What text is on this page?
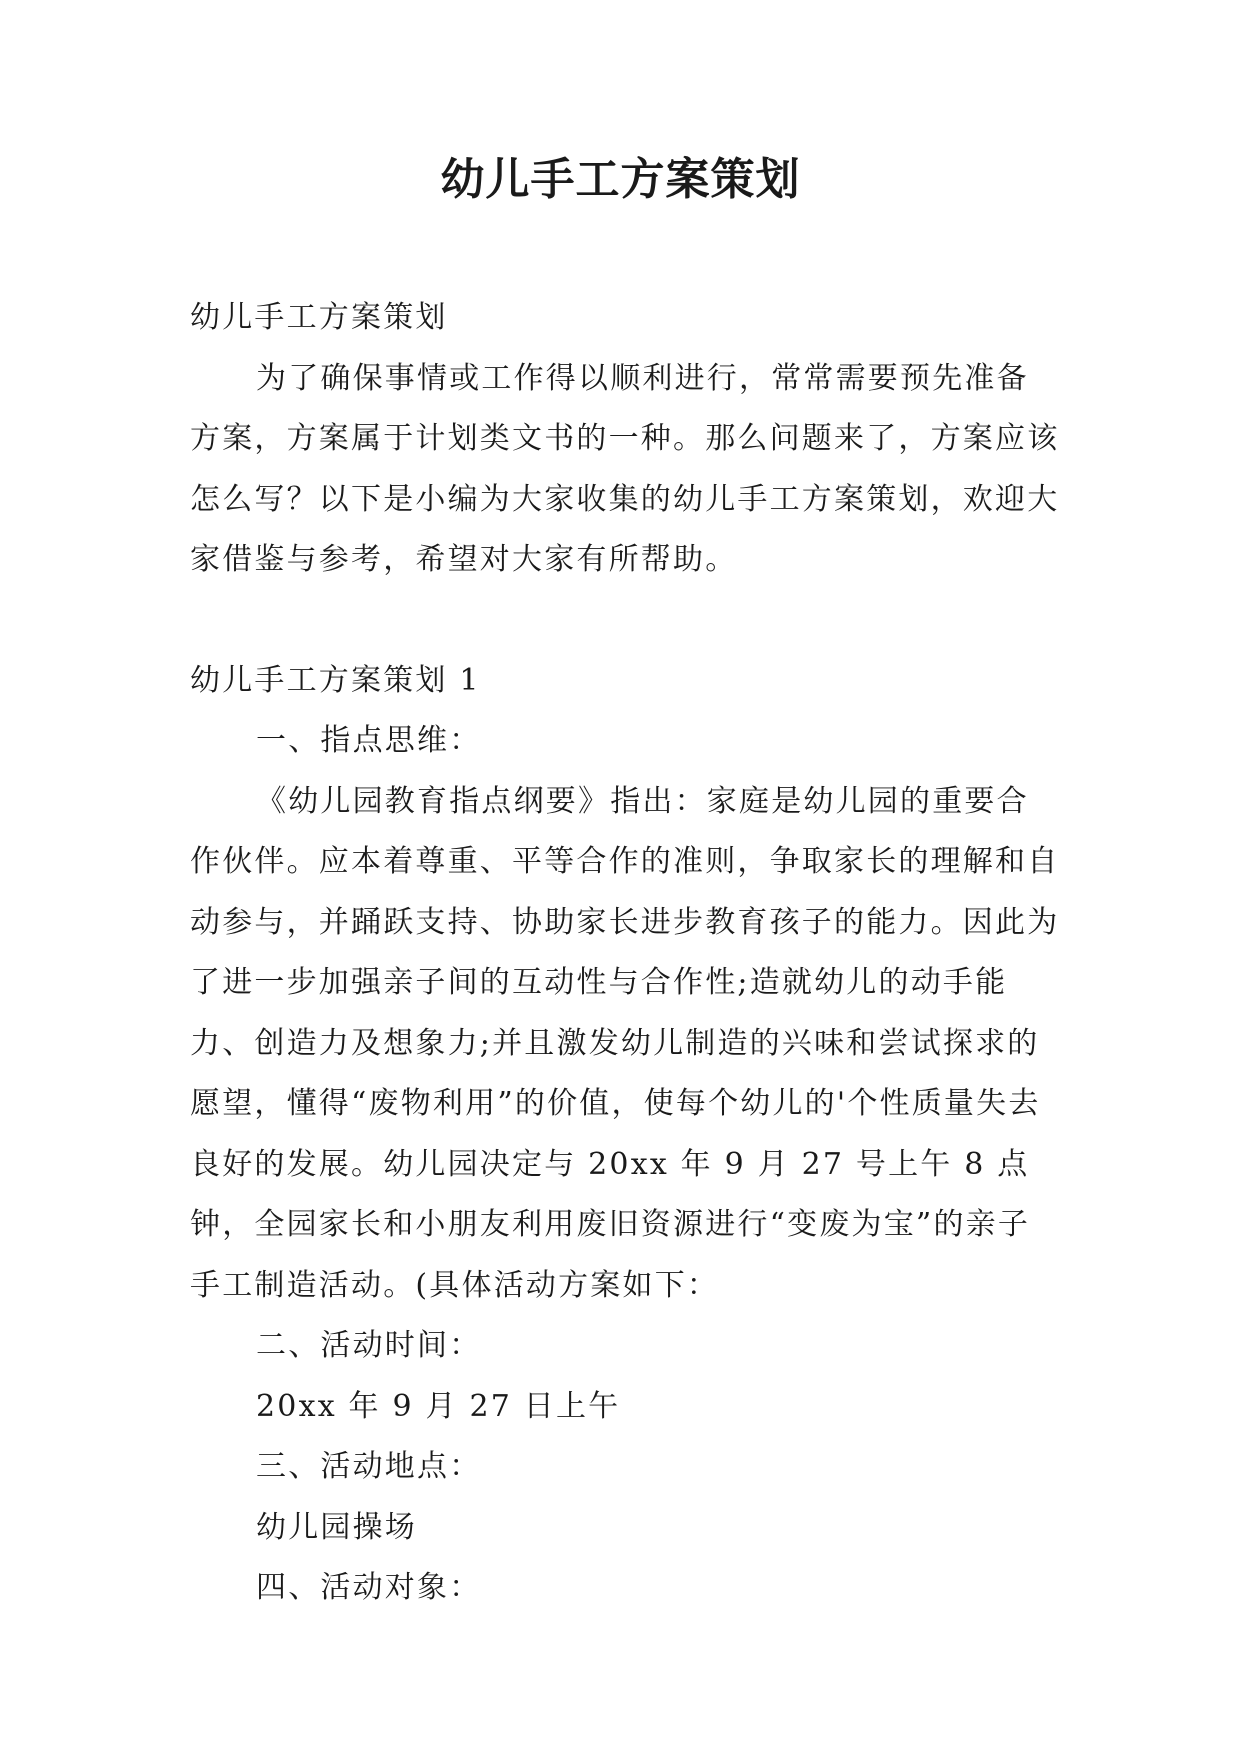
幼儿手工方案策划

幼儿手工方案策划

为了确保事情或工作得以顺利进行，常常需要预先准备方案，方案属于计划类文书的一种。那么问题来了，方案应该怎么写？以下是小编为大家收集的幼儿手工方案策划，欢迎大家借鉴与参考，希望对大家有所帮助。

幼儿手工方案策划 1

一、指点思维：

《幼儿园教育指点纲要》指出：家庭是幼儿园的重要合作伙伴。应本着尊重、平等合作的准则，争取家长的理解和自动参与，并踊跃支持、协助家长进步教育孩子的能力。因此为了进一步加强亲子间的互动性与合作性;造就幼儿的动手能力、创造力及想象力;并且激发幼儿制造的兴味和尝试探求的愿望，懂得“废物利用”的价值，使每个幼儿的'个性质量失去良好的发展。幼儿园决定与 20xx 年 9 月 27 号上午 8 点钟，全园家长和小朋友利用废旧资源进行“变废为宝”的亲子手工制造活动。(具体活动方案如下：

二、活动时间：

20xx 年 9 月 27 日上午

三、活动地点：

幼儿园操场

四、活动对象：
